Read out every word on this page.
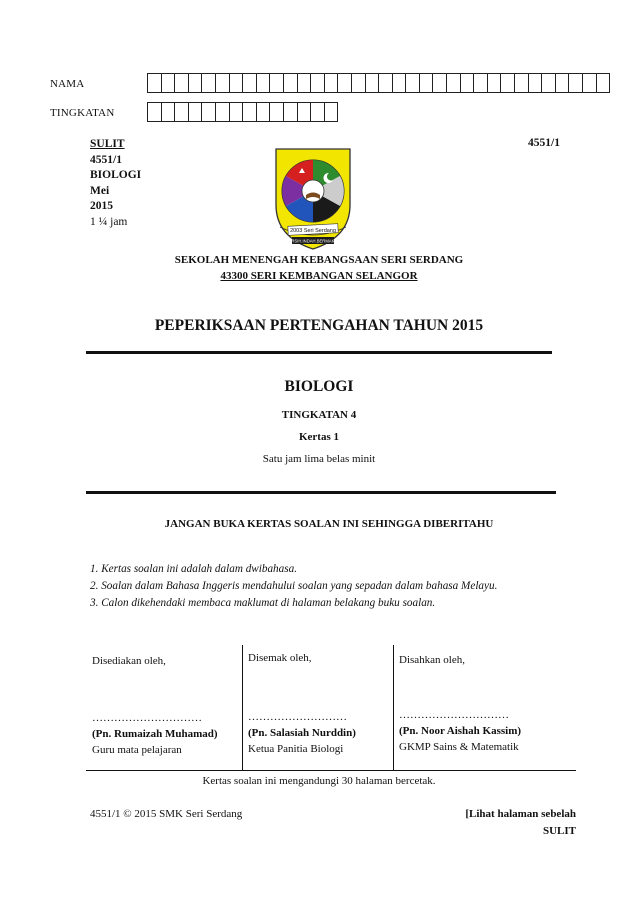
NAMA
TINGKATAN
SULIT
4551/1
BIOLOGI
Mei
2015
1 ¼ jam
4551/1
2003 Seri Serdang
BERSIH.INDAH.BERMAKNA
SEKOLAH MENENGAH KEBANGSAAN SERI SERDANG
43300 SERI KEMBANGAN SELANGOR
PEPERIKSAAN PERTENGAHAN TAHUN 2015
BIOLOGI
TINGKATAN 4
Kertas 1
Satu jam lima belas minit
JANGAN BUKA KERTAS SOALAN INI SEHINGGA DIBERITAHU
1. Kertas soalan ini adalah dalam dwibahasa.
2. Soalan dalam Bahasa Inggeris mendahului soalan yang sepadan dalam bahasa Melayu.
3. Calon dikehendaki membaca maklumat di halaman belakang buku soalan.
Disediakan oleh,
…………………………
(Pn. Rumaizah Muhamad)
Guru mata pelajaran
Disemak oleh,
………………………
(Pn. Salasiah Nurddin)
Ketua Panitia Biologi
Disahkan oleh,
…………………………
(Pn. Noor Aishah Kassim)
GKMP Sains & Matematik
Kertas soalan ini mengandungi 30 halaman bercetak.
4551/1 © 2015 SMK Seri Serdang	[Lihat halaman sebelah
SULIT
